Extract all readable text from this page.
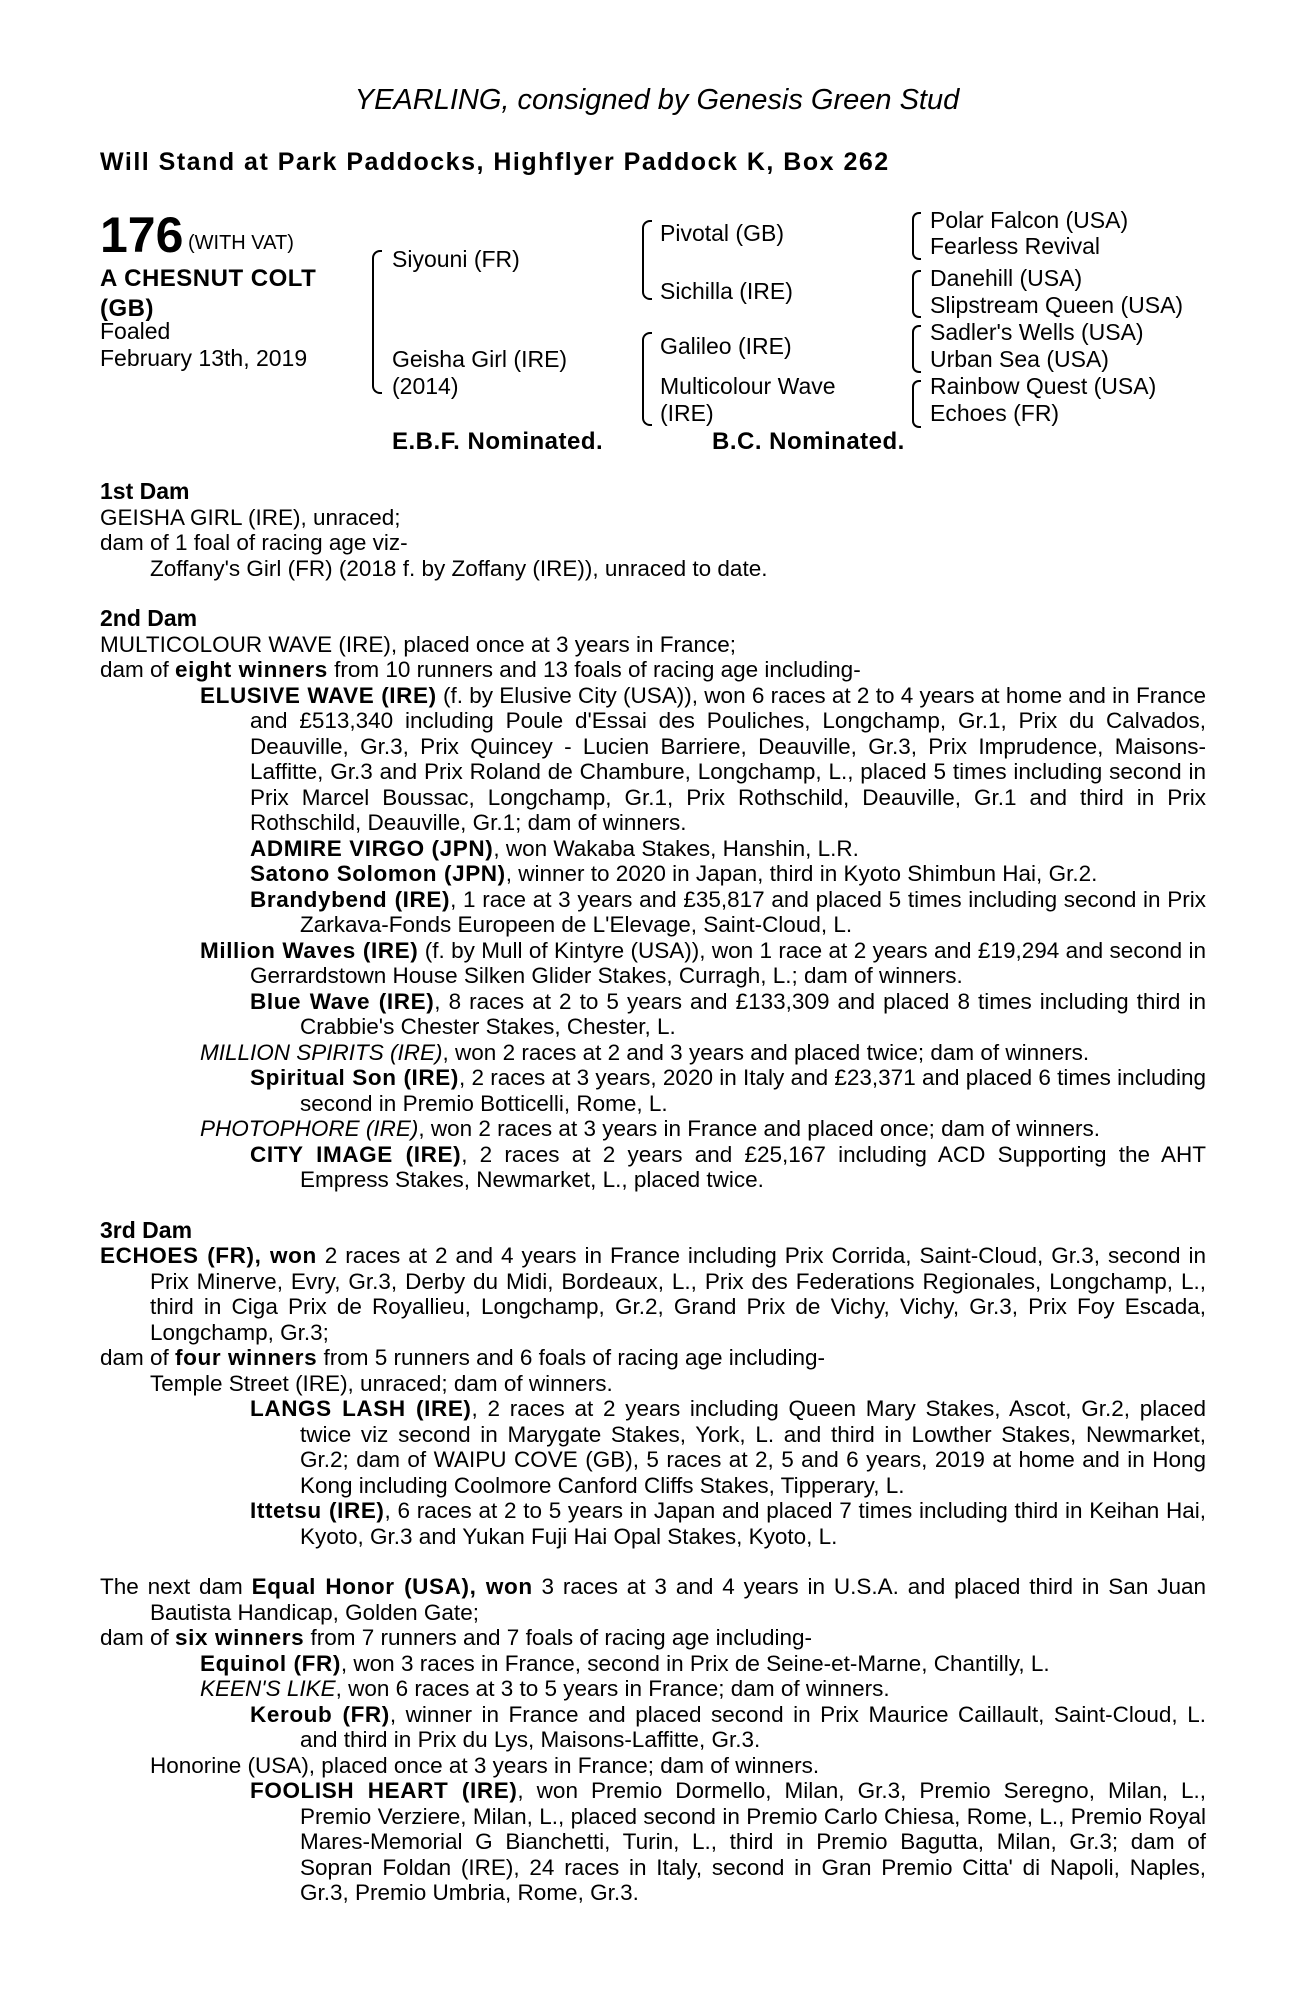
YEARLING, consigned by Genesis Green Stud
Will Stand at Park Paddocks, Highflyer Paddock K, Box 262
176 (WITH VAT)
A CHESNUT COLT
(GB)
Foaled
February 13th, 2019
Siyouni (FR)
Geisha Girl (IRE)
(2014)
Pivotal (GB)
Sichilla (IRE)
Galileo (IRE)
Multicolour Wave
(IRE)
Polar Falcon (USA)
Fearless Revival
Danehill (USA)
Slipstream Queen (USA)
Sadler's Wells (USA)
Urban Sea (USA)
Rainbow Quest (USA)
Echoes (FR)
E.B.F. Nominated.	B.C. Nominated.
1st Dam

GEISHA GIRL (IRE), unraced;

dam of 1 foal of racing age viz-

Zoffany's Girl (FR) (2018 f. by Zoffany (IRE)), unraced to date.

2nd Dam

MULTICOLOUR WAVE (IRE), placed once at 3 years in France;

dam of eight winners from 10 runners and 13 foals of racing age including-

ELUSIVE WAVE (IRE) (f. by Elusive City (USA)), won 6 races at 2 to 4 years at home and in France and £513,340 including Poule d'Essai des Pouliches, Longchamp, Gr.1, Prix du Calvados, Deauville, Gr.3, Prix Quincey - Lucien Barriere, Deauville, Gr.3, Prix Imprudence, Maisons-Laffitte, Gr.3 and Prix Roland de Chambure, Longchamp, L., placed 5 times including second in Prix Marcel Boussac, Longchamp, Gr.1, Prix Rothschild, Deauville, Gr.1 and third in Prix Rothschild, Deauville, Gr.1; dam of winners.

ADMIRE VIRGO (JPN), won Wakaba Stakes, Hanshin, L.R.

Satono Solomon (JPN), winner to 2020 in Japan, third in Kyoto Shimbun Hai, Gr.2.

Brandybend (IRE), 1 race at 3 years and £35,817 and placed 5 times including second in Prix Zarkava-Fonds Europeen de L'Elevage, Saint-Cloud, L.

Million Waves (IRE) (f. by Mull of Kintyre (USA)), won 1 race at 2 years and £19,294 and second in Gerrardstown House Silken Glider Stakes, Curragh, L.; dam of winners.

Blue Wave (IRE), 8 races at 2 to 5 years and £133,309 and placed 8 times including third in Crabbie's Chester Stakes, Chester, L.

MILLION SPIRITS (IRE), won 2 races at 2 and 3 years and placed twice; dam of winners.

Spiritual Son (IRE), 2 races at 3 years, 2020 in Italy and £23,371 and placed 6 times including second in Premio Botticelli, Rome, L.

PHOTOPHORE (IRE), won 2 races at 3 years in France and placed once; dam of winners.

CITY IMAGE (IRE), 2 races at 2 years and £25,167 including ACD Supporting the AHT Empress Stakes, Newmarket, L., placed twice.

3rd Dam

ECHOES (FR), won 2 races at 2 and 4 years in France including Prix Corrida, Saint-Cloud, Gr.3, second in Prix Minerve, Evry, Gr.3, Derby du Midi, Bordeaux, L., Prix des Federations Regionales, Longchamp, L., third in Ciga Prix de Royallieu, Longchamp, Gr.2, Grand Prix de Vichy, Vichy, Gr.3, Prix Foy Escada, Longchamp, Gr.3;

dam of four winners from 5 runners and 6 foals of racing age including-

Temple Street (IRE), unraced; dam of winners.

LANGS LASH (IRE), 2 races at 2 years including Queen Mary Stakes, Ascot, Gr.2, placed twice viz second in Marygate Stakes, York, L. and third in Lowther Stakes, Newmarket, Gr.2; dam of WAIPU COVE (GB), 5 races at 2, 5 and 6 years, 2019 at home and in Hong Kong including Coolmore Canford Cliffs Stakes, Tipperary, L.

Ittetsu (IRE), 6 races at 2 to 5 years in Japan and placed 7 times including third in Keihan Hai, Kyoto, Gr.3 and Yukan Fuji Hai Opal Stakes, Kyoto, L.

The next dam Equal Honor (USA), won 3 races at 3 and 4 years in U.S.A. and placed third in San Juan Bautista Handicap, Golden Gate;

dam of six winners from 7 runners and 7 foals of racing age including-

Equinol (FR), won 3 races in France, second in Prix de Seine-et-Marne, Chantilly, L.

KEEN'S LIKE, won 6 races at 3 to 5 years in France; dam of winners.

Keroub (FR), winner in France and placed second in Prix Maurice Caillault, Saint-Cloud, L. and third in Prix du Lys, Maisons-Laffitte, Gr.3.

Honorine (USA), placed once at 3 years in France; dam of winners.

FOOLISH HEART (IRE), won Premio Dormello, Milan, Gr.3, Premio Seregno, Milan, L., Premio Verziere, Milan, L., placed second in Premio Carlo Chiesa, Rome, L., Premio Royal Mares-Memorial G Bianchetti, Turin, L., third in Premio Bagutta, Milan, Gr.3; dam of Sopran Foldan (IRE), 24 races in Italy, second in Gran Premio Citta' di Napoli, Naples, Gr.3, Premio Umbria, Rome, Gr.3.
